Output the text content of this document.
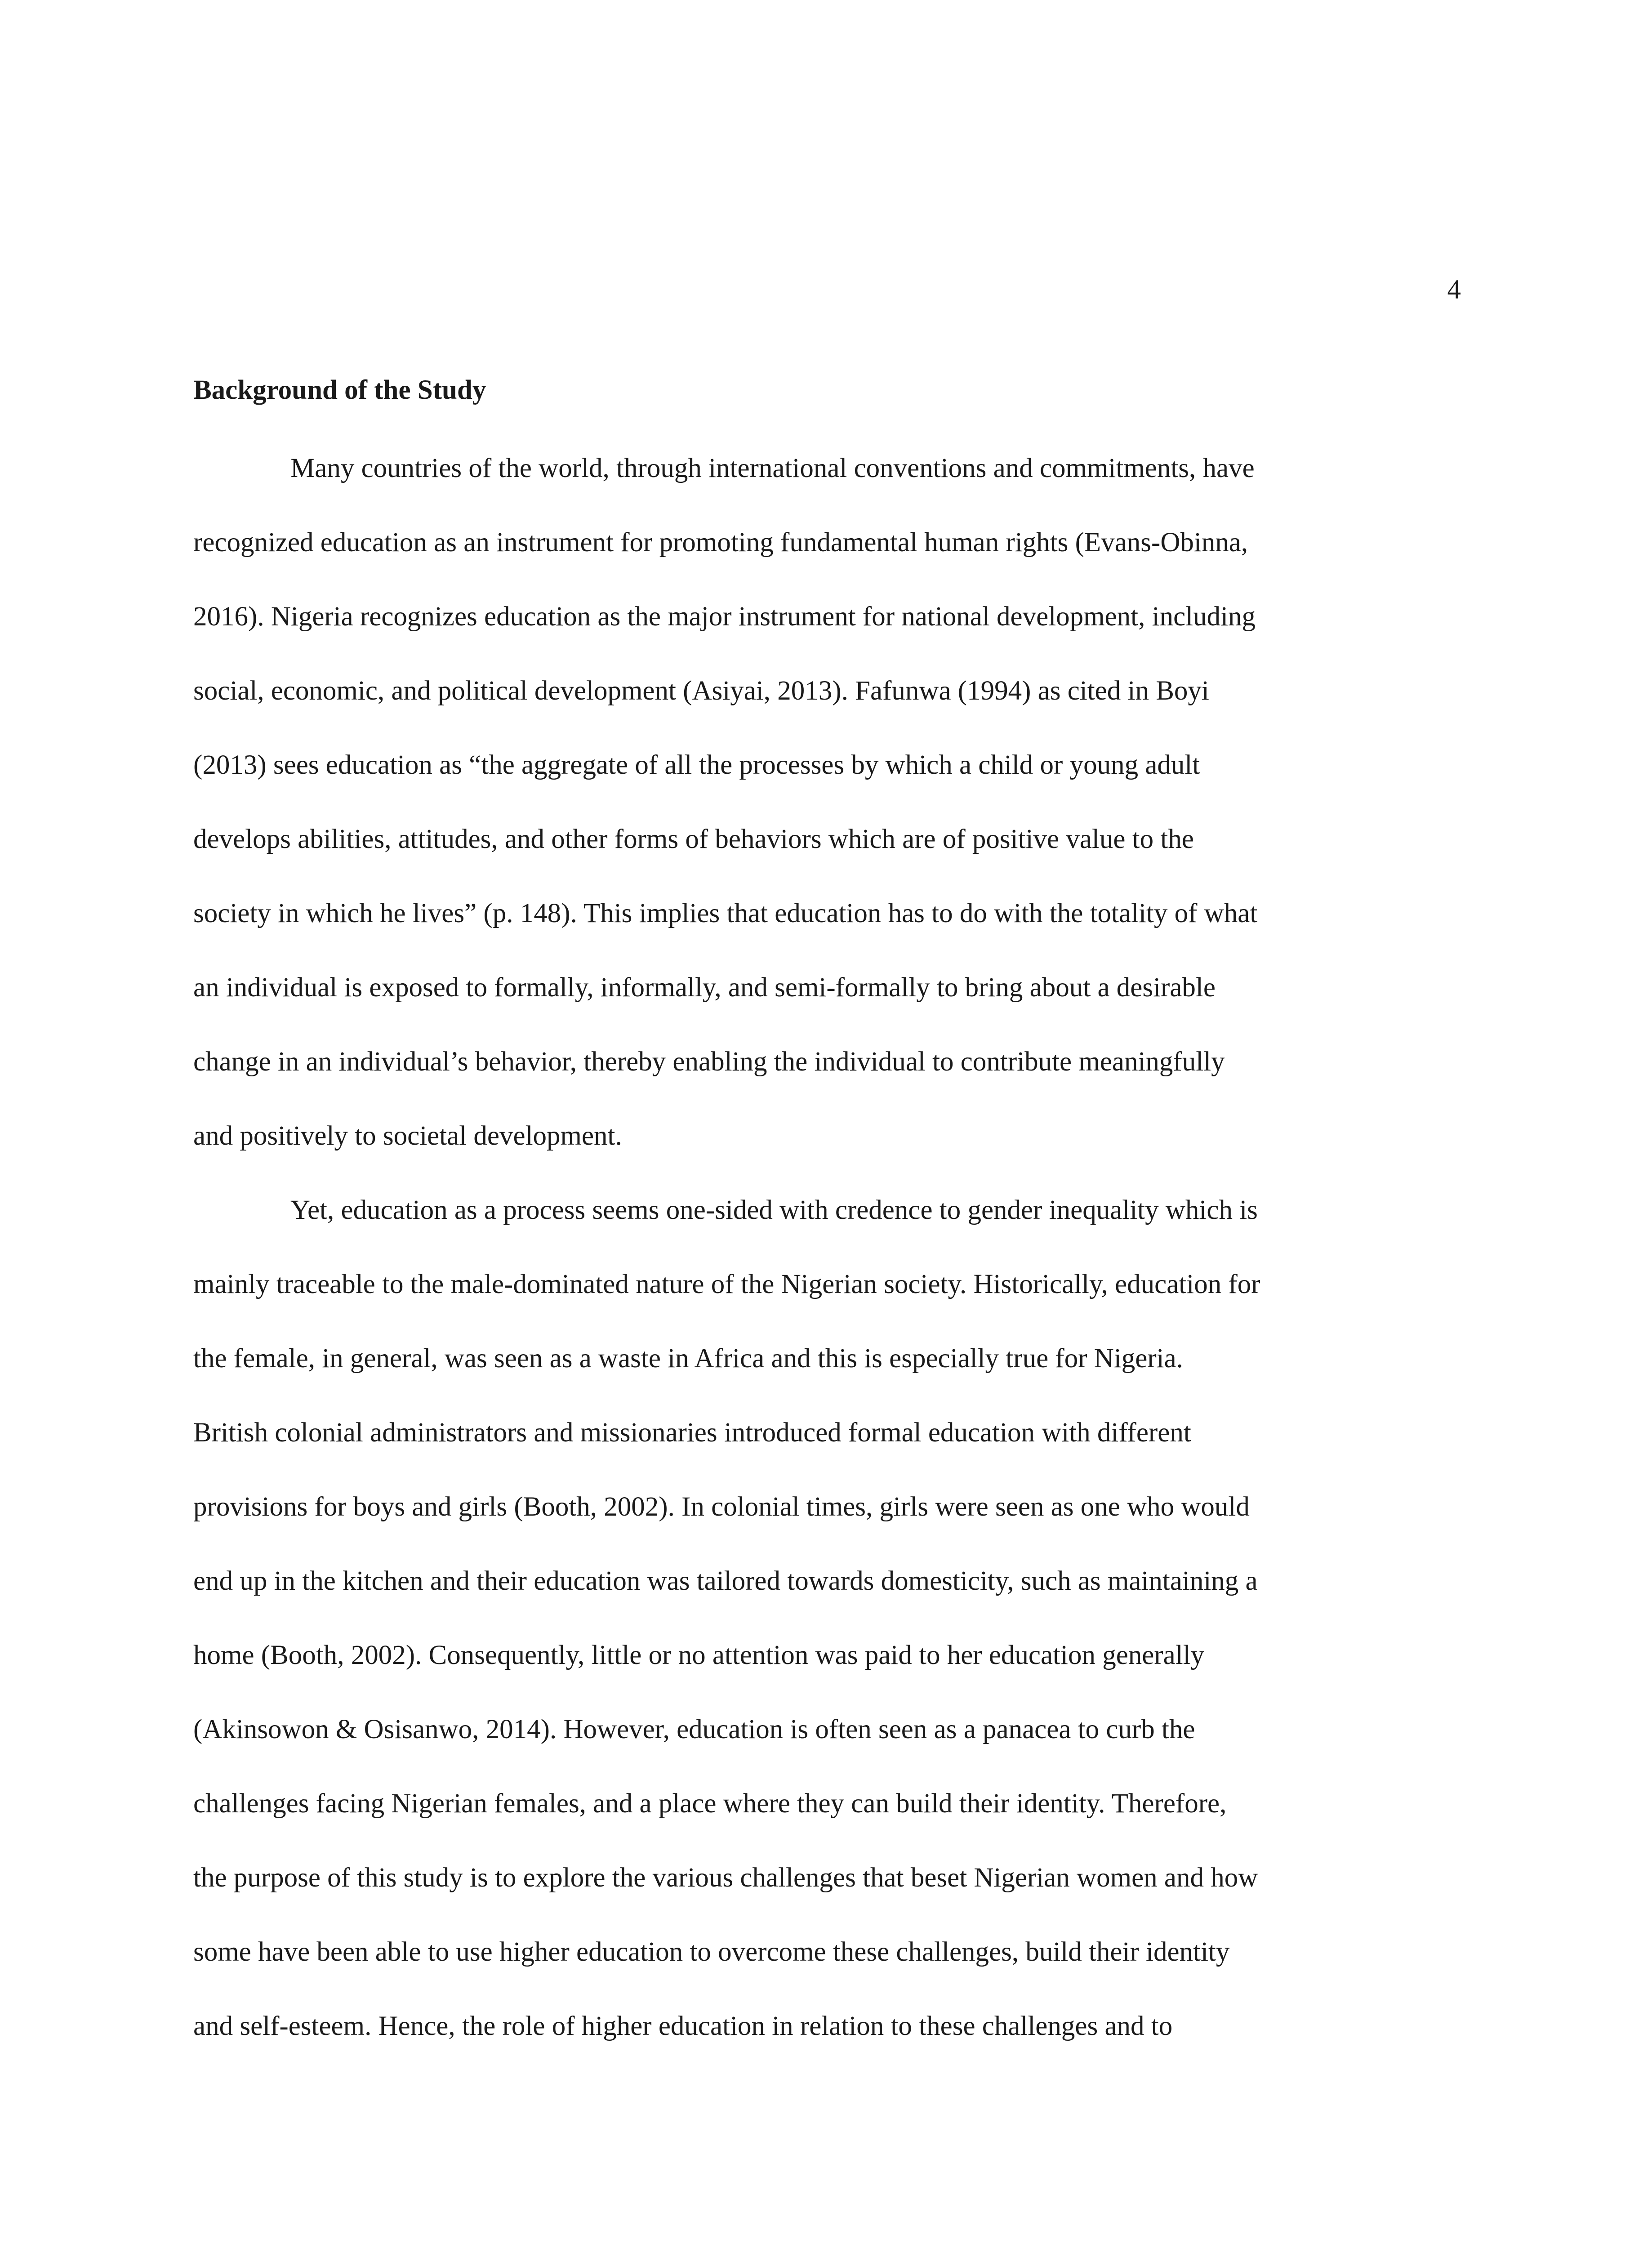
4
Background of the Study
Many countries of the world, through international conventions and commitments, have
recognized education as an instrument for promoting fundamental human rights (Evans-Obinna,
2016). Nigeria recognizes education as the major instrument for national development, including
social, economic, and political development (Asiyai, 2013). Fafunwa (1994) as cited in Boyi
(2013) sees education as “the aggregate of all the processes by which a child or young adult
develops abilities, attitudes, and other forms of behaviors which are of positive value to the
society in which he lives” (p. 148). This implies that education has to do with the totality of what
an individual is exposed to formally, informally, and semi-formally to bring about a desirable
change in an individual’s behavior, thereby enabling the individual to contribute meaningfully
and positively to societal development.
Yet, education as a process seems one-sided with credence to gender inequality which is
mainly traceable to the male-dominated nature of the Nigerian society. Historically, education for
the female, in general, was seen as a waste in Africa and this is especially true for Nigeria.
British colonial administrators and missionaries introduced formal education with different
provisions for boys and girls (Booth, 2002). In colonial times, girls were seen as one who would
end up in the kitchen and their education was tailored towards domesticity, such as maintaining a
home (Booth, 2002). Consequently, little or no attention was paid to her education generally
(Akinsowon & Osisanwo, 2014). However, education is often seen as a panacea to curb the
challenges facing Nigerian females, and a place where they can build their identity. Therefore,
the purpose of this study is to explore the various challenges that beset Nigerian women and how
some have been able to use higher education to overcome these challenges, build their identity
and self-esteem. Hence, the role of higher education in relation to these challenges and to
